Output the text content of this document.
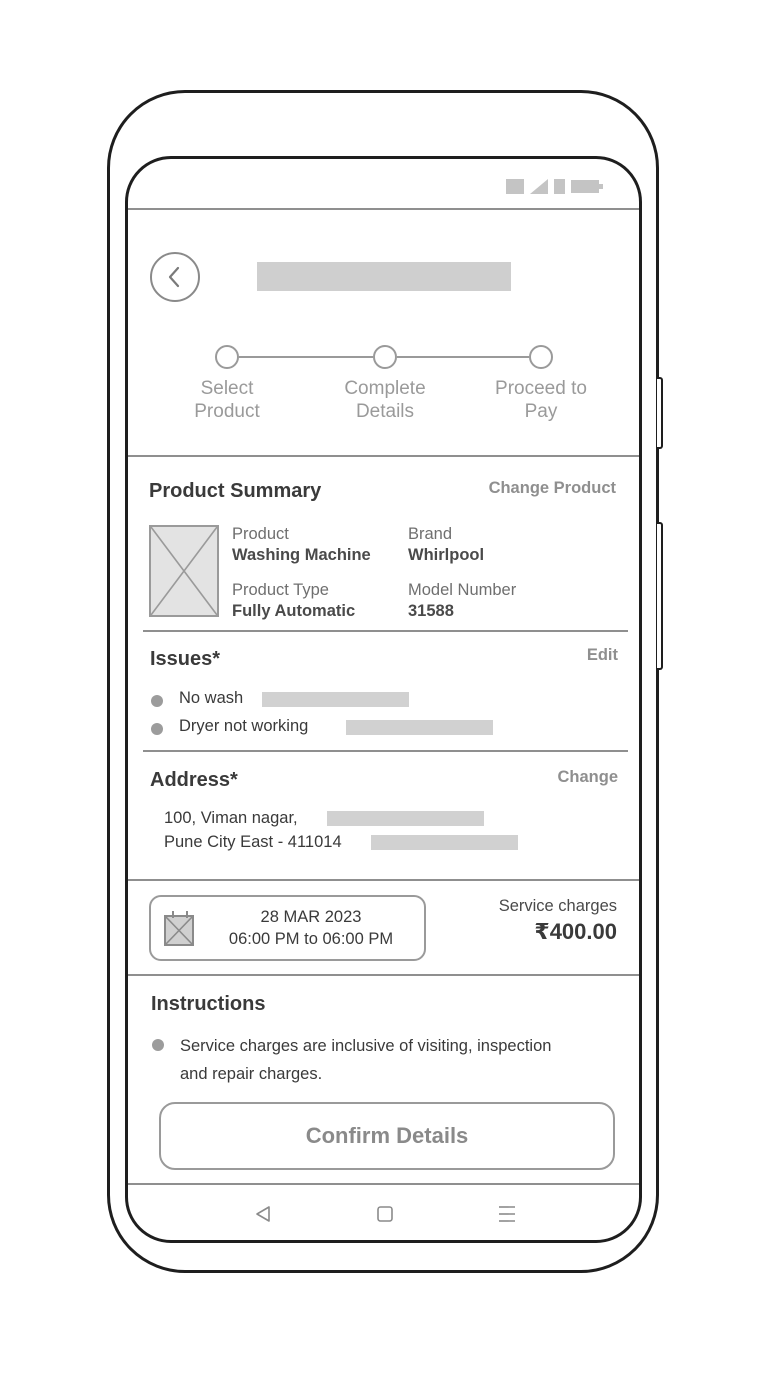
Select
Product
Complete
Details
Proceed to
Pay
Product Summary	Change Product
Product
Washing Machine
Brand
Whirlpool
Product Type
Fully Automatic
Model Number
31588
Issues*	Edit
No wash
Dryer not working
Address*	Change
100, Viman nagar,
Pune City East - 411014
28 MAR 2023
06:00 PM to 06:00 PM
Service charges
₹400.00
Instructions
Service charges are inclusive of visiting, inspection
and repair charges.
Confirm Details
